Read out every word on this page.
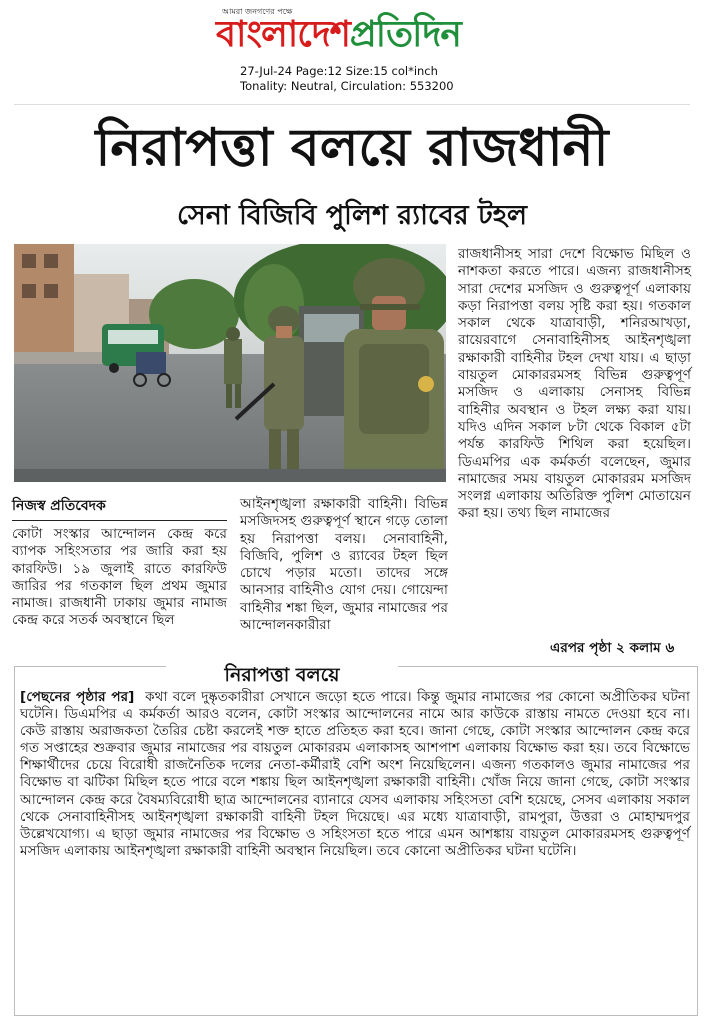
আমরা জনগণের পক্ষে
বাংলাদেশপ্রতিদিন
27-Jul-24 Page:12 Size:15 col*inch
Tonality: Neutral, Circulation: 553200
নিরাপত্তা বলয়ে রাজধানী
সেনা বিজিবি পুলিশ র‍্যাবের টহল

রাজধানীসহ সারা দেশে বিক্ষোভ মিছিল ও নাশকতা করতে পারে। এজন্য রাজধানীসহ সারা দেশের মসজিদ ও গুরুত্বপূর্ণ এলাকায় কড়া নিরাপত্তা বলয় সৃষ্টি করা হয়। গতকাল সকাল থেকে যাত্রাবাড়ী, শনিরআখড়া, রায়েরবাগে সেনাবাহিনীসহ আইনশৃঙ্খলা রক্ষাকারী বাহিনীর টহল দেখা যায়। এ ছাড়া বায়তুল মোকাররমসহ বিভিন্ন গুরুত্বপূর্ণ মসজিদ ও এলাকায় সেনাসহ বিভিন্ন বাহিনীর অবস্থান ও টহল লক্ষ্য করা যায়। যদিও এদিন সকাল ৮টা থেকে বিকাল ৫টা পর্যন্ত কারফিউ শিথিল করা হয়েছিল। ডিএমপির এক কর্মকর্তা বলেছেন, জুমার নামাজের সময় বায়তুল মোকাররম মসজিদ সংলগ্ন এলাকায় অতিরিক্ত পুলিশ মোতায়েন করা হয়। তথ্য ছিল নামাজের

নিজস্ব প্রতিবেদক

কোটা সংস্কার আন্দোলন কেন্দ্র করে ব্যাপক সহিংসতার পর জারি করা হয় কারফিউ। ১৯ জুলাই রাতে কারফিউ জারির পর গতকাল ছিল প্রথম জুমার নামাজ। রাজধানী ঢাকায় জুমার নামাজ কেন্দ্র করে সতর্ক অবস্থানে ছিল

আইনশৃঙ্খলা রক্ষাকারী বাহিনী। বিভিন্ন মসজিদসহ গুরুত্বপূর্ণ স্থানে গড়ে তোলা হয় নিরাপত্তা বলয়। সেনাবাহিনী, বিজিবি, পুলিশ ও র‍্যাবের টহল ছিল চোখে পড়ার মতো। তাদের সঙ্গে আনসার বাহিনীও যোগ দেয়। গোয়েন্দা বাহিনীর শঙ্কা ছিল, জুমার নামাজের পর আন্দোলনকারীরা

এরপর পৃষ্ঠা ২ কলাম ৬
নিরাপত্তা বলয়ে

[পেছনের পৃষ্ঠার পর] কথা বলে দুষ্কৃতকারীরা সেখানে জড়ো হতে পারে। কিন্তু জুমার নামাজের পর কোনো অপ্রীতিকর ঘটনা ঘটেনি। ডিএমপির এ কর্মকর্তা আরও বলেন, কোটা সংস্কার আন্দোলনের নামে আর কাউকে রাস্তায় নামতে দেওয়া হবে না। কেউ রাস্তায় অরাজকতা তৈরির চেষ্টা করলেই শক্ত হাতে প্রতিহত করা হবে। জানা গেছে, কোটা সংস্কার আন্দোলন কেন্দ্র করে গত সপ্তাহের শুক্রবার জুমার নামাজের পর বায়তুল মোকাররম এলাকাসহ আশপাশ এলাকায় বিক্ষোভ করা হয়। তবে বিক্ষোভে শিক্ষার্থীদের চেয়ে বিরোধী রাজনৈতিক দলের নেতা-কর্মীরাই বেশি অংশ নিয়েছিলেন। এজন্য গতকালও জুমার নামাজের পর বিক্ষোভ বা ঝটিকা মিছিল হতে পারে বলে শঙ্কায় ছিল আইনশৃঙ্খলা রক্ষাকারী বাহিনী। খোঁজ নিয়ে জানা গেছে, কোটা সংস্কার আন্দোলন কেন্দ্র করে বৈষম্যবিরোধী ছাত্র আন্দোলনের ব্যানারে যেসব এলাকায় সহিংসতা বেশি হয়েছে, সেসব এলাকায় সকাল থেকে সেনাবাহিনীসহ আইনশৃঙ্খলা রক্ষাকারী বাহিনী টহল দিয়েছে। এর মধ্যে যাত্রাবাড়ী, রামপুরা, উত্তরা ও মোহাম্মদপুর উল্লেখযোগ্য। এ ছাড়া জুমার নামাজের পর বিক্ষোভ ও সহিংসতা হতে পারে এমন আশঙ্কায় বায়তুল মোকাররমসহ গুরুত্বপূর্ণ মসজিদ এলাকায় আইনশৃঙ্খলা রক্ষাকারী বাহিনী অবস্থান নিয়েছিল। তবে কোনো অপ্রীতিকর ঘটনা ঘটেনি।
